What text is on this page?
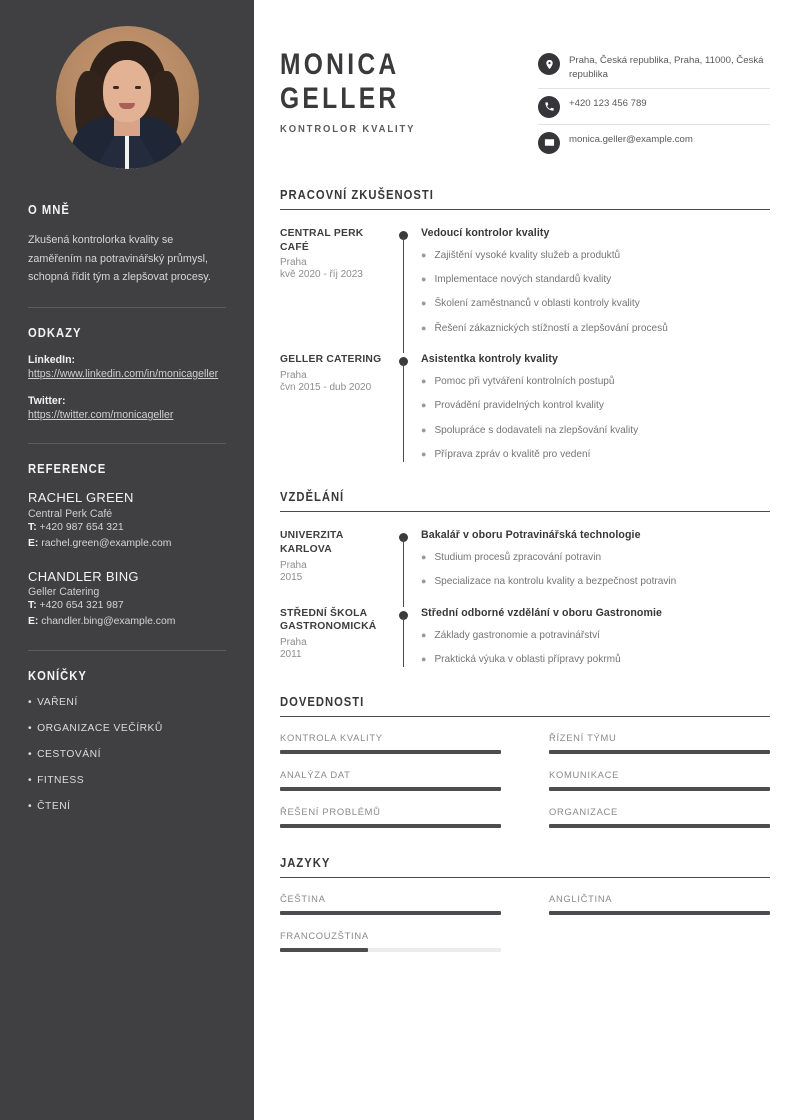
O MNĚ
Zkušená kontrolorka kvality se zaměřením na potravinářský průmysl, schopná řídit tým a zlepšovat procesy.
ODKAZY
LinkedIn:
https://www.linkedin.com/in/monicageller
Twitter:
https://twitter.com/monicageller
REFERENCE
RACHEL GREEN
Central Perk Café
T: +420 987 654 321
E: rachel.green@example.com
CHANDLER BING
Geller Catering
T: +420 654 321 987
E: chandler.bing@example.com
KONÍČKY
• VAŘENÍ
• ORGANIZACE VEČÍRKŮ
• CESTOVÁNÍ
• FITNESS
• ČTENÍ
MONICA
GELLER
KONTROLOR KVALITY
Praha, Česká republika, Praha, 11000, Česká republika
+420 123 456 789
monica.geller@example.com
PRACOVNÍ ZKUŠENOSTI
CENTRAL PERK CAFÉ
Praha
kvě 2020 - říj 2023
Vedoucí kontrolor kvality
● Zajištění vysoké kvality služeb a produktů
● Implementace nových standardů kvality
● Školení zaměstnanců v oblasti kontroly kvality
● Řešení zákaznických stížností a zlepšování procesů
GELLER CATERING
Praha
čvn 2015 - dub 2020
Asistentka kontroly kvality
● Pomoc při vytváření kontrolních postupů
● Provádění pravidelných kontrol kvality
● Spolupráce s dodavateli na zlepšování kvality
● Příprava zpráv o kvalitě pro vedení
VZDĚLÁNÍ
UNIVERZITA KARLOVA
Praha
2015
Bakalář v oboru Potravinářská technologie
● Studium procesů zpracování potravin
● Specializace na kontrolu kvality a bezpečnost potravin
STŘEDNÍ ŠKOLA GASTRONOMICKÁ
Praha
2011
Střední odborné vzdělání v oboru Gastronomie
● Základy gastronomie a potravinářství
● Praktická výuka v oblasti přípravy pokrmů
DOVEDNOSTI
KONTROLA KVALITY	ŘÍZENÍ TÝMU
ANALÝZA DAT	KOMUNIKACE
ŘEŠENÍ PROBLÉMŮ	ORGANIZACE
JAZYKY
ČEŠTINA	ANGLIČTINA
FRANCOUZŠTINA
